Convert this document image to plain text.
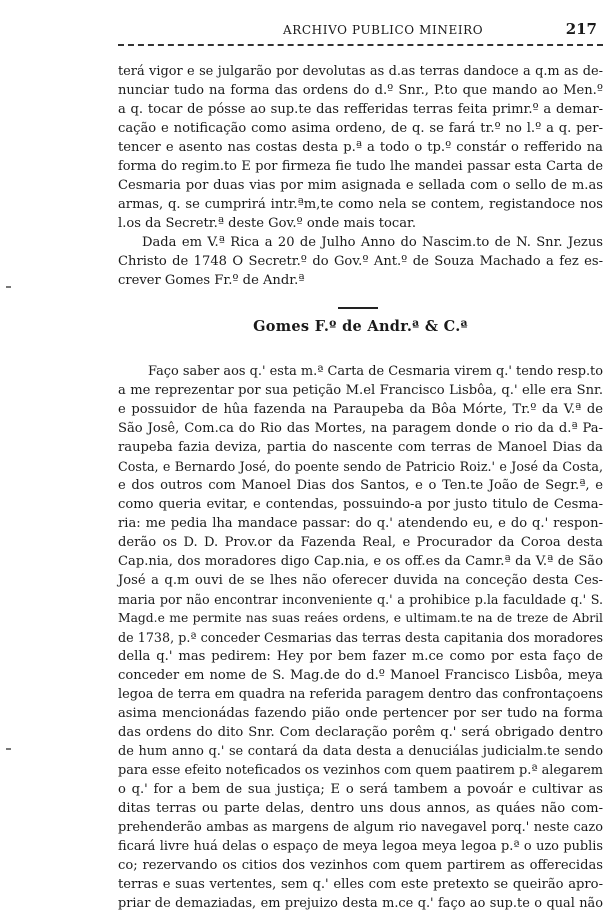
ARCHIVO PUBLICO MINEIRO	217
terá vigor e se julgarão por devolutas as d.as terras dandoce a q.m as de-
nunciar tudo na forma das ordens do d.º Snr., P.to que mando ao Men.º
a q. tocar de pósse ao sup.te das refferidas terras feita primr.º a demar-
cação e notificação como asima ordeno, de q. se fará tr.º no l.º a q. per-
tencer e asento nas costas desta p.ª a todo o tp.º constár o refferido na
forma do regim.to E por firmeza fie tudo lhe mandei passar esta Carta de
Cesmaria por duas vias por mim asignada e sellada com o sello de m.as
armas, q. se cumprirá intr.ªm,te como nela se contem, registandoce nos
l.os da Secretr.ª deste Gov.º onde mais tocar.
Dada em V.ª Rica a 20 de Julho Anno do Nascim.to de N. Snr. Jezus
Christo de 1748 O Secretr.º do Gov.º Ant.º de Souza Machado a fez es-
crever Gomes Fr.º de Andr.ª
Gomes F.º de Andr.ª & C.ª
Faço saber aos q.' esta m.ª Carta de Cesmaria virem q.' tendo resp.to
a me reprezentar por sua petição M.el Francisco Lisbôa, q.' elle era Snr.
e possuidor de hûa fazenda na Paraupeba da Bôa Mórte, Tr.º da V.ª de
São Josê, Com.ca do Rio das Mortes, na paragem donde o rio da d.ª Pa-
raupeba fazia deviza, partia do nascente com terras de Manoel Dias da
Costa, e Bernardo José, do poente sendo de Patricio Roiz.' e José da Costa,
e dos outros com Manoel Dias dos Santos, e o Ten.te João de Segr.ª, e
como queria evitar, e contendas, possuindo-a por justo titulo de Cesma-
ria: me pedia lha mandace passar: do q.' atendendo eu, e do q.' respon-
derão os D. D. Prov.or da Fazenda Real, e Procurador da Coroa desta
Cap.nia, dos moradores digo Cap.nia, e os off.es da Camr.ª da V.ª de São
José a q.m ouvi de se lhes não oferecer duvida na conceção desta Ces-
maria por não encontrar inconveniente q.' a prohibice p.la faculdade q.' S.
Magd.e me permite nas suas reáes ordens, e ultimam.te na de treze de Abril
de 1738, p.ª conceder Cesmarias das terras desta capitania dos moradores
della q.' mas pedirem: Hey por bem fazer m.ce como por esta faço de
conceder em nome de S. Mag.de do d.º Manoel Francisco Lisbôa, meya
legoa de terra em quadra na referida paragem dentro das confrontaçoens
asima mencionádas fazendo pião onde pertencer por ser tudo na forma
das ordens do dito Snr. Com declaração porêm q.' será obrigado dentro
de hum anno q.' se contará da data desta a denuciálas judicialm.te sendo
para esse efeito noteficados os vezinhos com quem paatirem p.ª alegarem
o q.' for a bem de sua justiça; E o será tambem a povoár e cultivar as
ditas terras ou parte delas, dentro uns dous annos, as quáes não com-
prehenderão ambas as margens de algum rio navegavel porq.' neste cazo
ficará livre huá delas o espaço de meya legoa meya legoa p.ª o uzo publis
co; rezervando os citios dos vezinhos com quem partirem as offerecidas
terras e suas vertentes, sem q.' elles com este pretexto se queirão apro-
priar de demaziadas, em prejuizo desta m.ce q.' faço ao sup.te o qual não
